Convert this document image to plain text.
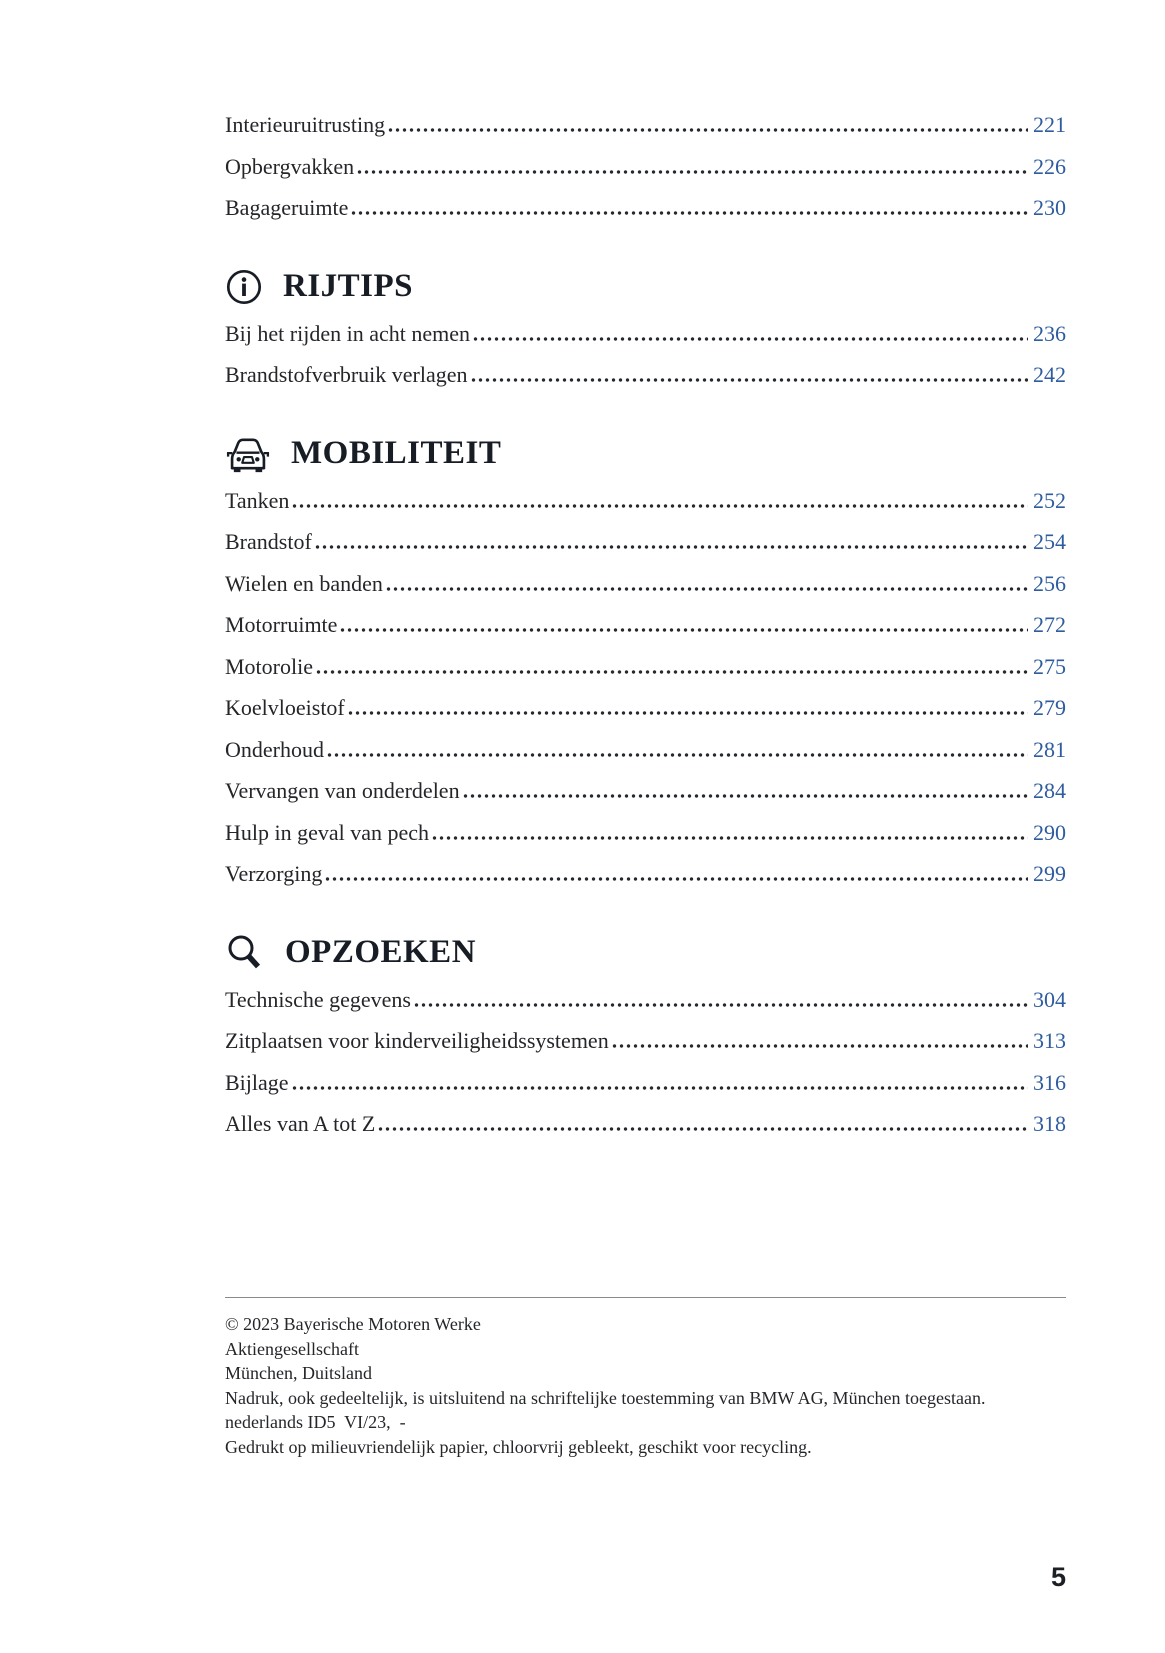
Interieuruitrusting	221
Opbergvakken	226
Bagageruimte	230
RIJTIPS
Bij het rijden in acht nemen	236
Brandstofverbruik verlagen	242
MOBILITEIT
Tanken	252
Brandstof	254
Wielen en banden	256
Motorruimte	272
Motorolie	275
Koelvloeistof	279
Onderhoud	281
Vervangen van onderdelen	284
Hulp in geval van pech	290
Verzorging	299
OPZOEKEN
Technische gegevens	304
Zitplaatsen voor kinderveiligheidssystemen	313
Bijlage	316
Alles van A tot Z	318
© 2023 Bayerische Motoren Werke
Aktiengesellschaft
München, Duitsland
Nadruk, ook gedeeltelijk, is uitsluitend na schriftelijke toestemming van BMW AG, München toegestaan.
nederlands ID5  VI/23,  -
Gedrukt op milieuvriendelijk papier, chloorvrij gebleekt, geschikt voor recycling.
5
